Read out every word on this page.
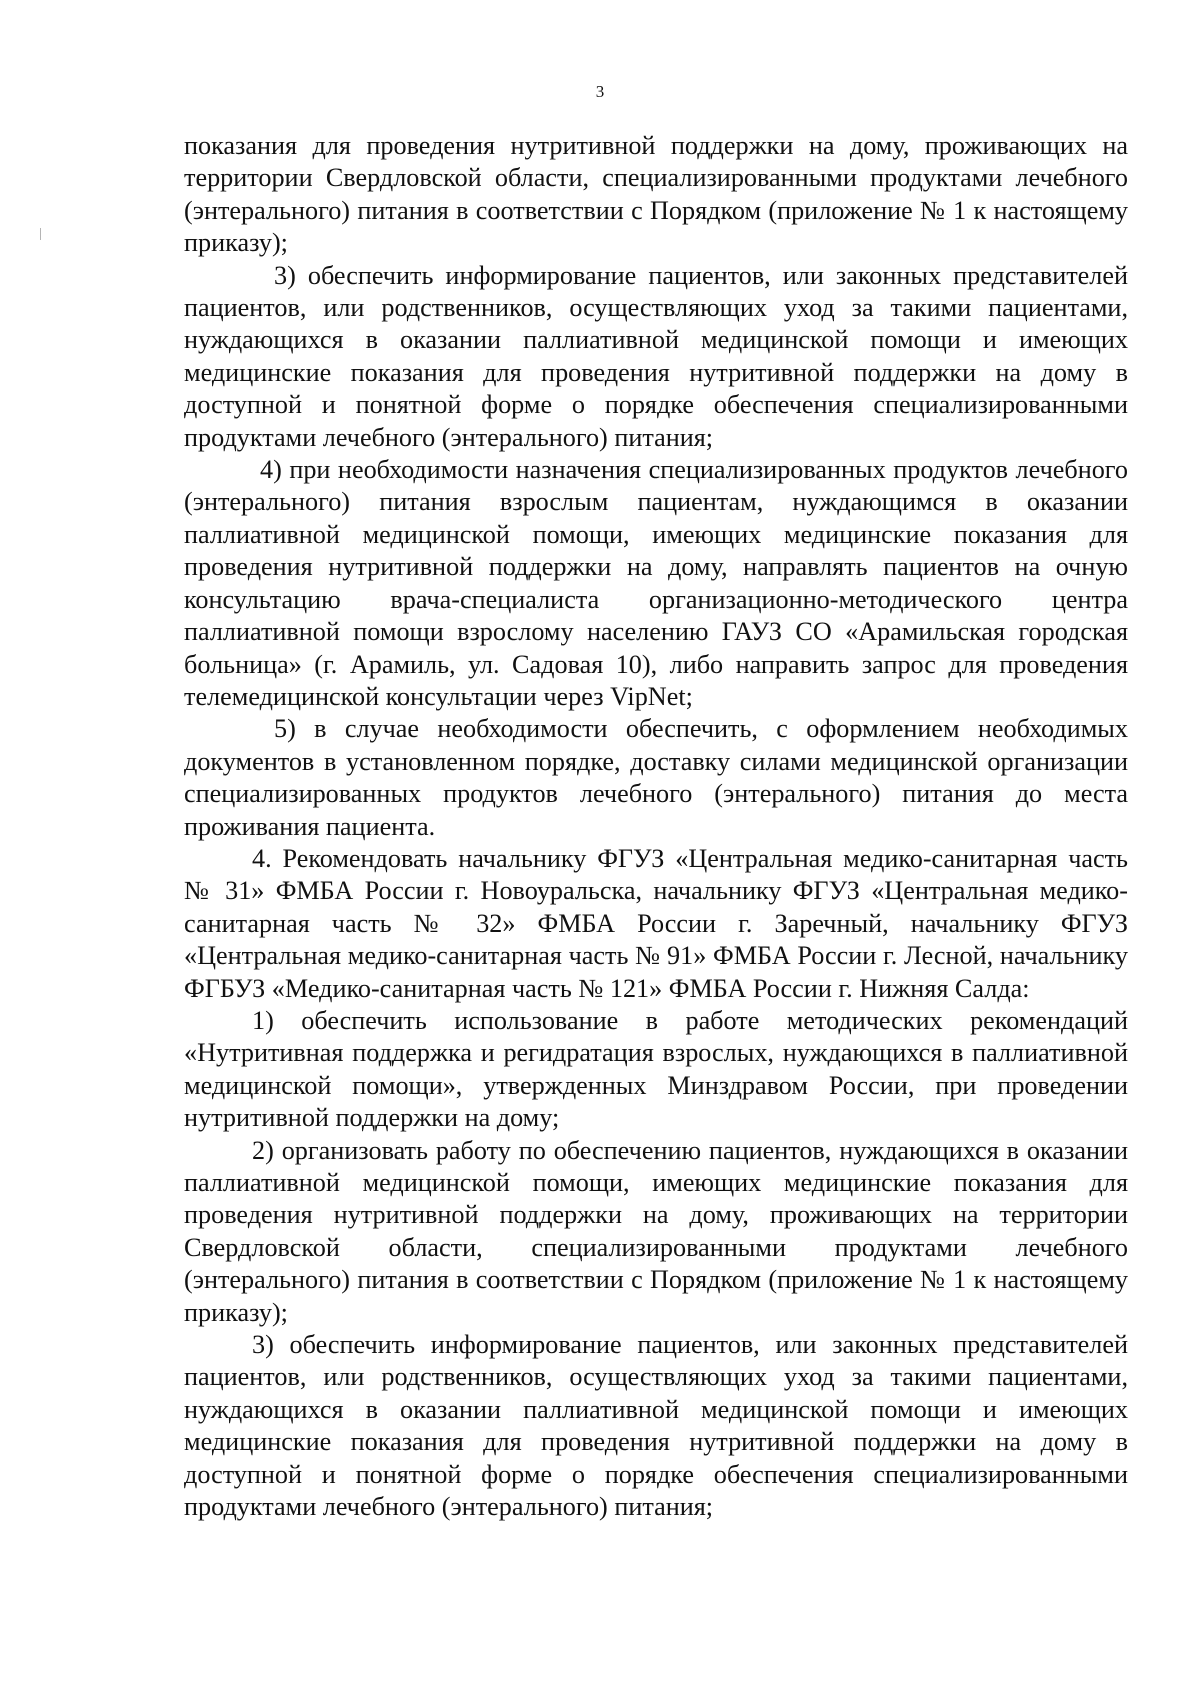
3

показания для проведения нутритивной поддержки на дому, проживающих на территории Свердловской области, специализированными продуктами лечебного (энтерального) питания в соответствии с Порядком (приложение № 1 к настоящему приказу);

3) обеспечить информирование пациентов, или законных представителей пациентов, или родственников, осуществляющих уход за такими пациентами, нуждающихся в оказании паллиативной медицинской помощи и имеющих медицинские показания для проведения нутритивной поддержки на дому в доступной и понятной форме о порядке обеспечения специализированными продуктами лечебного (энтерального) питания;

4) при необходимости назначения специализированных продуктов лечебного (энтерального) питания взрослым пациентам, нуждающимся в оказании паллиативной медицинской помощи, имеющих медицинские показания для проведения нутритивной поддержки на дому, направлять пациентов на очную консультацию врача-специалиста организационно-методического центра паллиативной помощи взрослому населению ГАУЗ СО «Арамильская городская больница» (г. Арамиль, ул. Садовая 10), либо направить запрос для проведения телемедицинской консультации через VipNet;

5) в случае необходимости обеспечить, с оформлением необходимых документов в установленном порядке, доставку силами медицинской организации специализированных продуктов лечебного (энтерального) питания до места проживания пациента.

4. Рекомендовать начальнику ФГУЗ «Центральная медико-санитарная часть № 31» ФМБА России г. Новоуральска, начальнику ФГУЗ «Центральная медико-санитарная часть № 32» ФМБА России г. Заречный, начальнику ФГУЗ «Центральная медико-санитарная часть № 91» ФМБА России г. Лесной, начальнику ФГБУЗ «Медико-санитарная часть № 121» ФМБА России г. Нижняя Салда:

1) обеспечить использование в работе методических рекомендаций «Нутритивная поддержка и регидратация взрослых, нуждающихся в паллиативной медицинской помощи», утвержденных Минздравом России, при проведении нутритивной поддержки на дому;

2) организовать работу по обеспечению пациентов, нуждающихся в оказании паллиативной медицинской помощи, имеющих медицинские показания для проведения нутритивной поддержки на дому, проживающих на территории Свердловской области, специализированными продуктами лечебного (энтерального) питания в соответствии с Порядком (приложение № 1 к настоящему приказу);

3) обеспечить информирование пациентов, или законных представителей пациентов, или родственников, осуществляющих уход за такими пациентами, нуждающихся в оказании паллиативной медицинской помощи и имеющих медицинские показания для проведения нутритивной поддержки на дому в доступной и понятной форме о порядке обеспечения специализированными продуктами лечебного (энтерального) питания;
